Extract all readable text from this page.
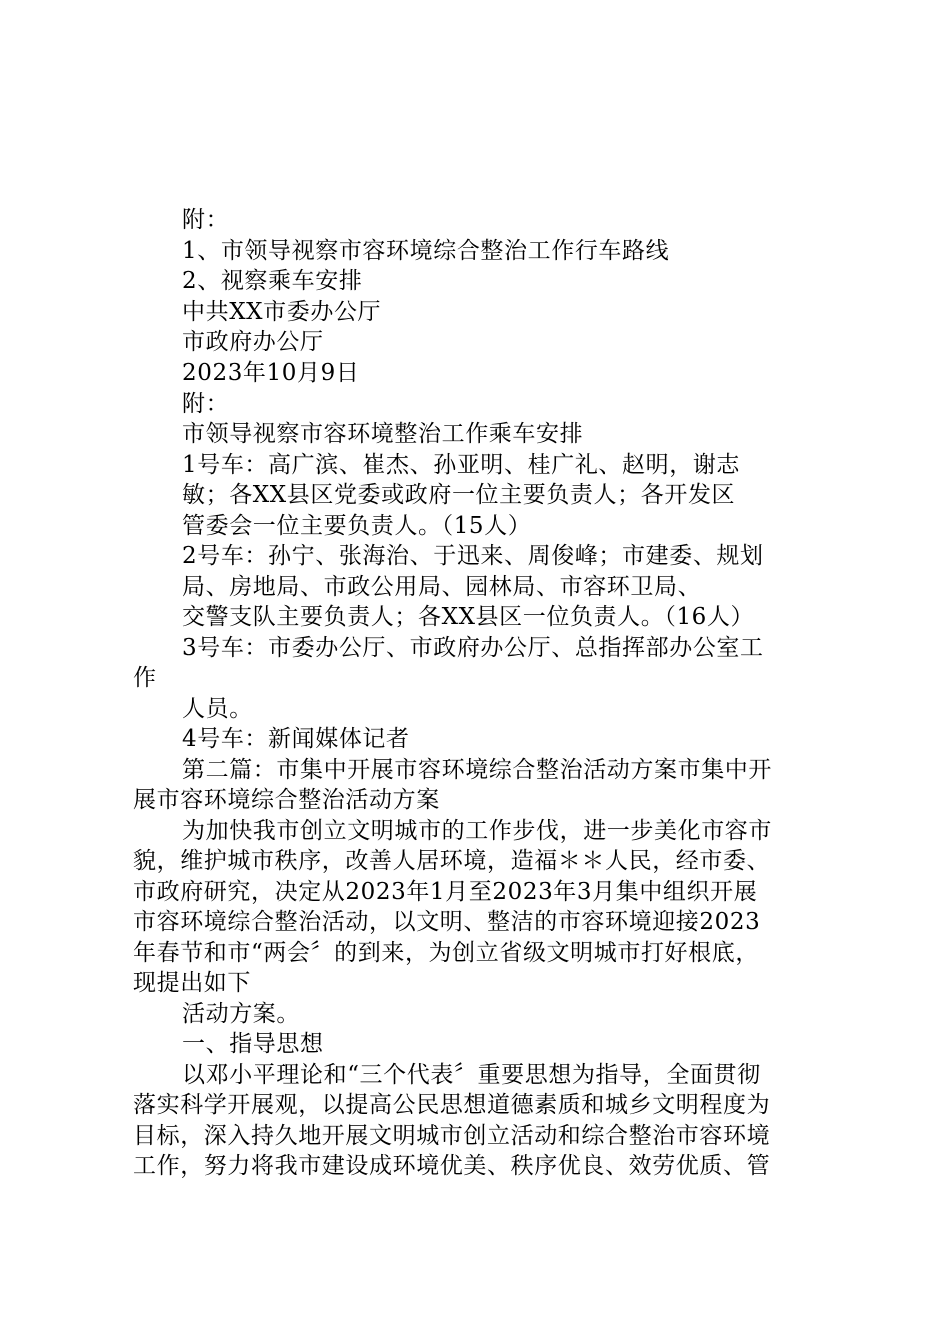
附：
1、市领导视察市容环境综合整治工作行车路线
2、视察乘车安排
中共XX市委办公厅
市政府办公厅
2023年10月9日
附：
市领导视察市容环境整治工作乘车安排
1号车：高广滨、崔杰、孙亚明、桂广礼、赵明，谢志
敏；各XX县区党委或政府一位主要负责人；各开发区
管委会一位主要负责人。（15人）
2号车：孙宁、张海治、于迅来、周俊峰；市建委、规划
局、房地局、市政公用局、园林局、市容环卫局、
交警支队主要负责人；各XX县区一位负责人。（16人）
3号车：市委办公厅、市政府办公厅、总指挥部办公室工
作
人员。
4号车：新闻媒体记者
第二篇：市集中开展市容环境综合整治活动方案市集中开
展市容环境综合整治活动方案
为加快我市创立文明城市的工作步伐，进一步美化市容市
貌，维护城市秩序，改善人居环境，造福＊＊人民，经市委、
市政府研究，决定从2023年1月至2023年3月集中组织开展
市容环境综合整治活动，以文明、整洁的市容环境迎接2023
年春节和市“两会〞的到来，为创立省级文明城市打好根底，
现提出如下
活动方案。
一、指导思想
以邓小平理论和“三个代表〞重要思想为指导，全面贯彻
落实科学开展观，以提高公民思想道德素质和城乡文明程度为
目标，深入持久地开展文明城市创立活动和综合整治市容环境
工作，努力将我市建设成环境优美、秩序优良、效劳优质、管
